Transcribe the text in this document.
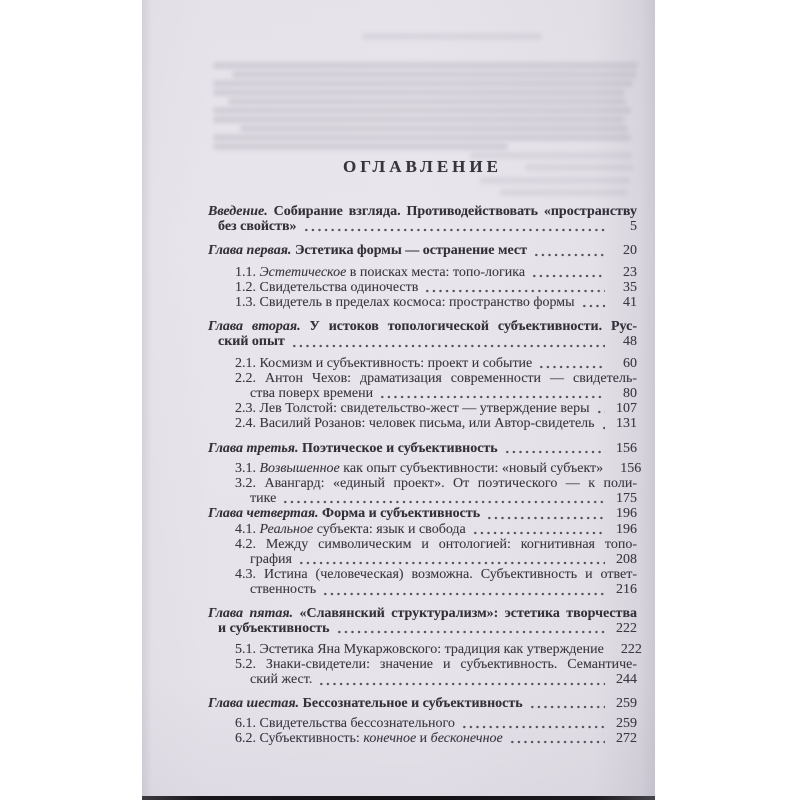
ОГЛАВЛЕНИЕ
Введение. Собирание взгляда. Противодействовать «пространству
без свойств»	5
Глава первая. Эстетика формы — остранение мест	20
1.1. Эстетическое в поисках места: топо-логика	23
1.2. Свидетельства одиночеств	35
1.3. Свидетель в пределах космоса: пространство формы	41
Глава вторая. У истоков топологической субъективности. Рус-
ский опыт	48
2.1. Космизм и субъективность: проект и событие	60
2.2. Антон Чехов: драматизация современности — свидетель-
ства поверх времени	80
2.3. Лев Толстой: свидетельство-жест — утверждение веры	107
2.4. Василий Розанов: человек письма, или Автор-свидетель	131
Глава третья. Поэтическое и субъективность	156
3.1. Возвышенное как опыт субъективности: «новый субъект»	156
3.2. Авангард: «единый проект». От поэтического — к поли-
тике	175
Глава четвертая. Форма и субъективность	196
4.1. Реальное субъекта: язык и свобода	196
4.2. Между символическим и онтологией: когнитивная топо-
графия	208
4.3. Истина (человеческая) возможна. Субъективность и ответ-
ственность	216
Глава пятая. «Славянский структурализм»: эстетика творчества
и субъективность	222
5.1. Эстетика Яна Мукаржовского: традиция как утверждение	222
5.2. Знаки-свидетели: значение и субъективность. Семантиче-
ский жест.	244
Глава шестая. Бессознательное и субъективность	259
6.1. Свидетельства бессознательного	259
6.2. Субъективность: конечное и бесконечное	272
